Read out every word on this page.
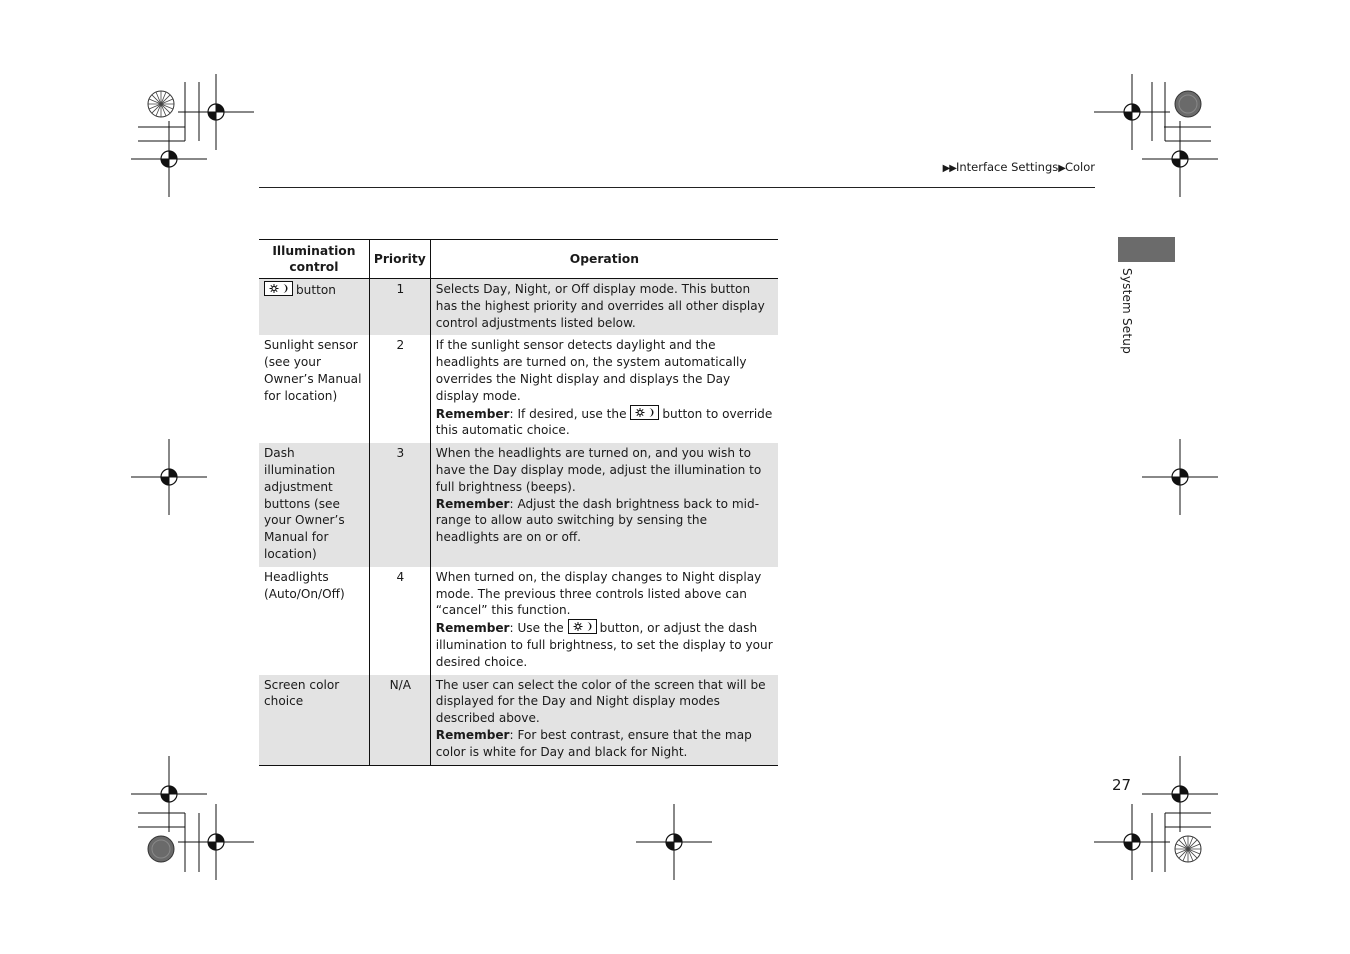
▶▶Interface Settings▶Color
System Setup
27
Illumination control	Priority	Operation

button	1	Selects Day, Night, or Off display mode. This button has the highest priority and overrides all other display control adjustments listed below.
Sunlight sensor (see your Owner’s Manual for location)	2	If the sunlight sensor detects daylight and the headlights are turned on, the system automatically overrides the Night display and displays the Day display mode.
Remember: If desired, use the button to override this automatic choice.
Dash illumination adjustment buttons (see your Owner’s Manual for location)	3	When the headlights are turned on, and you wish to have the Day display mode, adjust the illumination to full brightness (beeps).
Remember: Adjust the dash brightness back to mid-range to allow auto switching by sensing the headlights are on or off.
Headlights (Auto/On/Off)	4	When turned on, the display changes to Night display mode. The previous three controls listed above can “cancel” this function.
Remember: Use the button, or adjust the dash illumination to full brightness, to set the display to your desired choice.
Screen color choice	N/A	The user can select the color of the screen that will be displayed for the Day and Night display modes described above.
Remember: For best contrast, ensure that the map color is white for Day and black for Night.
